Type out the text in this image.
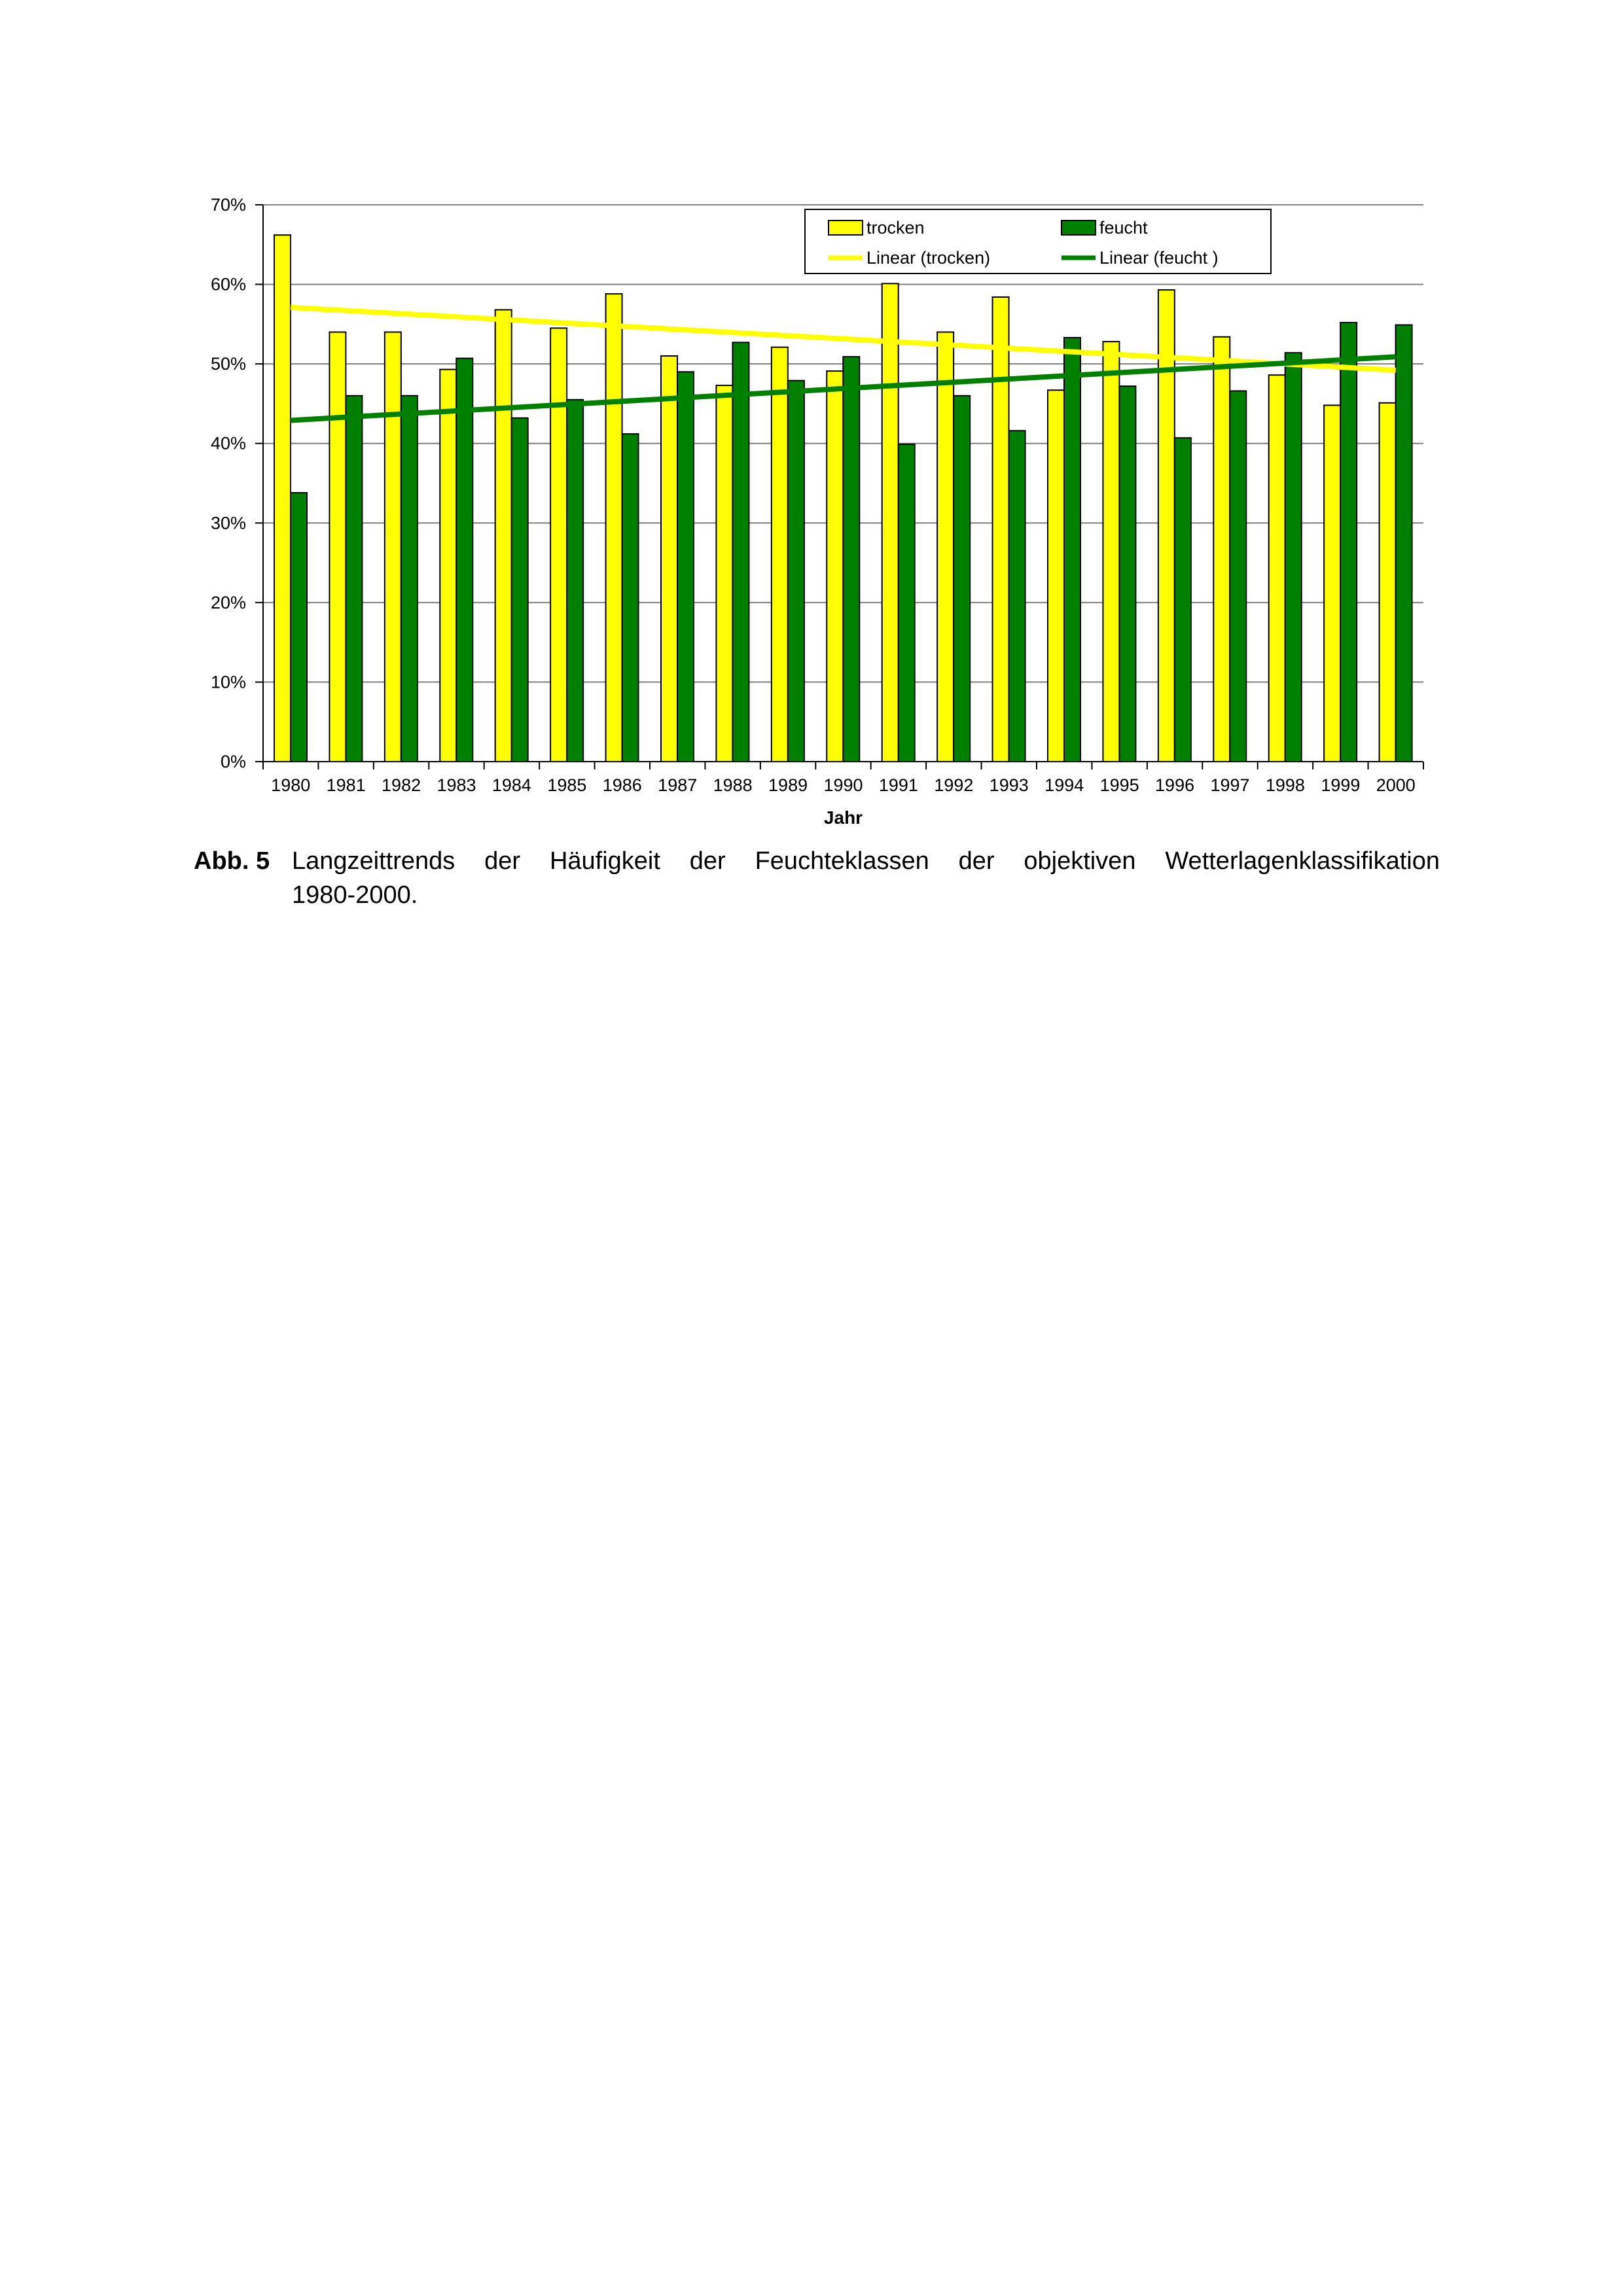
0%
10%
20%
30%
40%
50%
60%
70%
1980 1981 1982 1983 1984 1985 1986 1987 1988 1989 1990 1991 1992 1993 1994 1995 1996 1997 1998 1999 2000
Jahr
trocken	feucht
Linear (trocken)	Linear (feucht )
Abb. 5 Langzeittrends der Häufigkeit der Feuchteklassen der objektiven Wetterlagenklassifikation
1980-2000.
